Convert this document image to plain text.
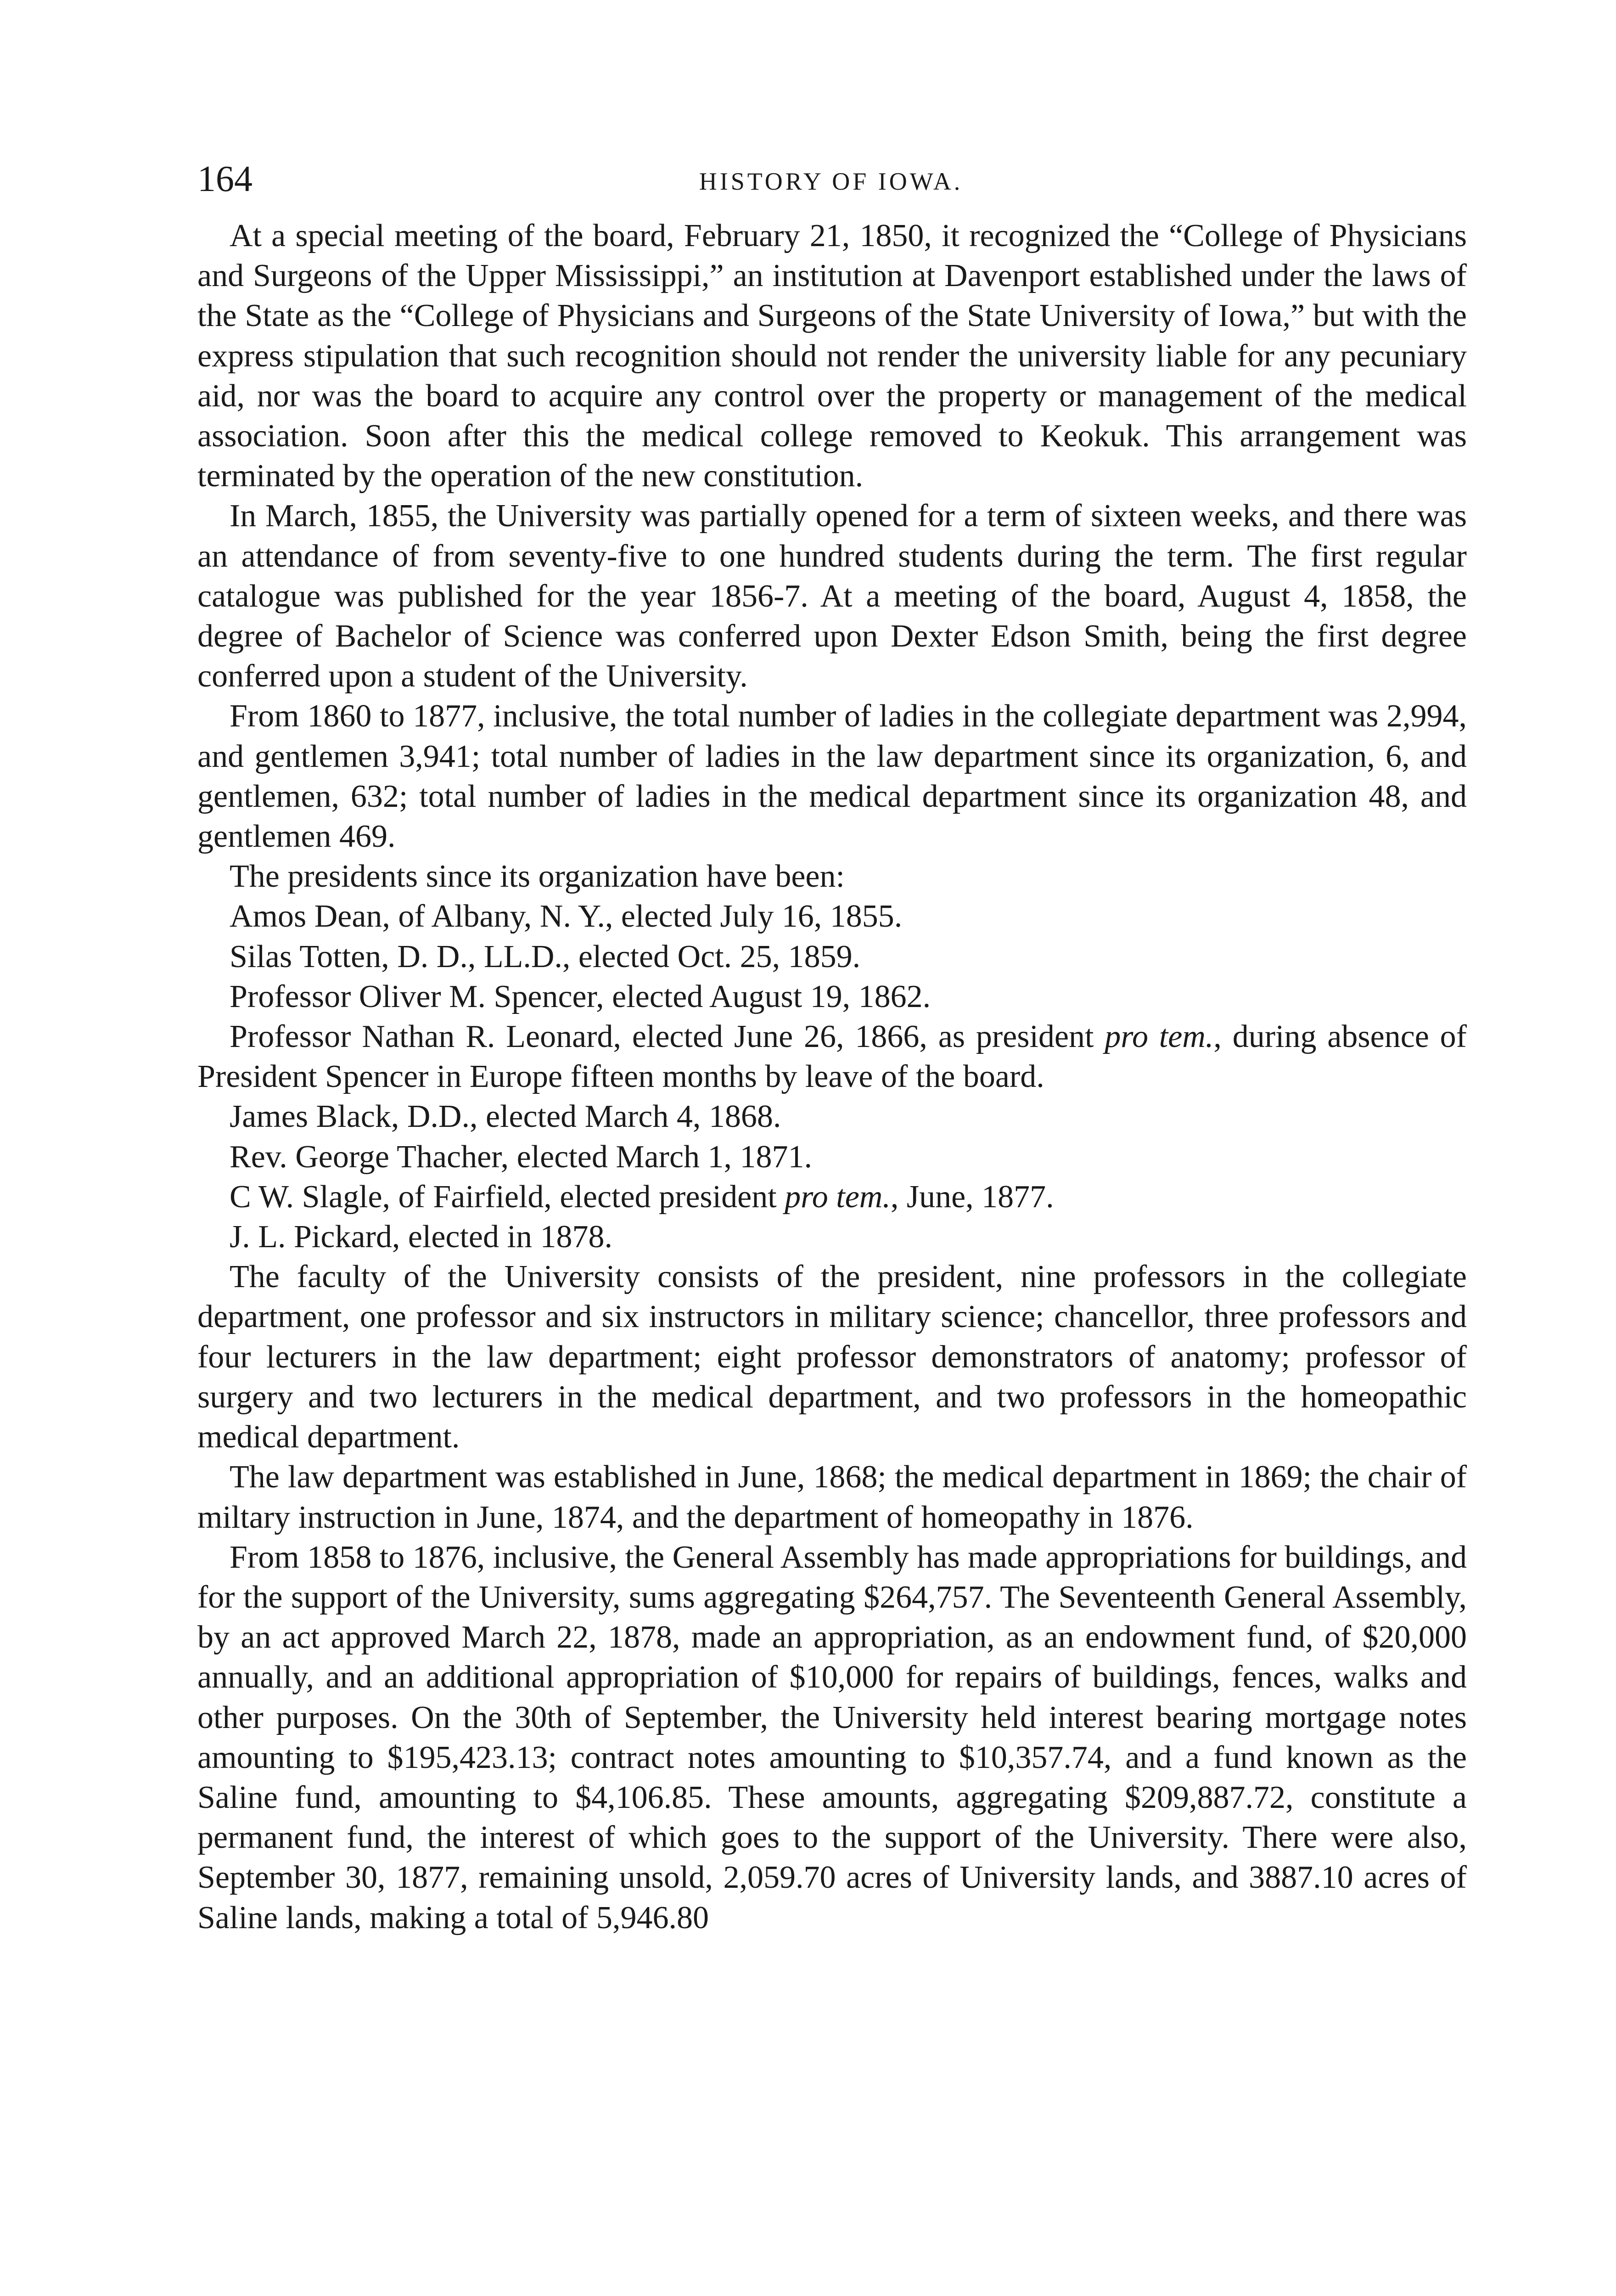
164	HISTORY OF IOWA.

At a special meeting of the board, February 21, 1850, it recognized the “College of Physicians and Surgeons of the Upper Mississippi,” an institution at Davenport established under the laws of the State as the “College of Physicians and Surgeons of the State University of Iowa,” but with the express stipulation that such recognition should not render the university liable for any pecuniary aid, nor was the board to acquire any control over the property or management of the medical association. Soon after this the medical college removed to Keokuk. This arrangement was terminated by the operation of the new constitution.

In March, 1855, the University was partially opened for a term of sixteen weeks, and there was an attendance of from seventy-five to one hundred students during the term. The first regular catalogue was published for the year 1856-7. At a meeting of the board, August 4, 1858, the degree of Bachelor of Science was conferred upon Dexter Edson Smith, being the first degree conferred upon a student of the University.

From 1860 to 1877, inclusive, the total number of ladies in the collegiate department was 2,994, and gentlemen 3,941; total number of ladies in the law department since its organization, 6, and gentlemen, 632; total number of ladies in the medical department since its organization 48, and gentlemen 469.

The presidents since its organization have been:

Amos Dean, of Albany, N. Y., elected July 16, 1855.
Silas Totten, D. D., LL.D., elected Oct. 25, 1859.
Professor Oliver M. Spencer, elected August 19, 1862.
Professor Nathan R. Leonard, elected June 26, 1866, as president pro tem., during absence of President Spencer in Europe fifteen months by leave of the board.
James Black, D.D., elected March 4, 1868.
Rev. George Thacher, elected March 1, 1871.
C W. Slagle, of Fairfield, elected president pro tem., June, 1877.
J. L. Pickard, elected in 1878.

The faculty of the University consists of the president, nine professors in the collegiate department, one professor and six instructors in military science; chancellor, three professors and four lecturers in the law department; eight professor demonstrators of anatomy; professor of surgery and two lecturers in the medical department, and two professors in the homeopathic medical department.

The law department was established in June, 1868; the medical department in 1869; the chair of miltary instruction in June, 1874, and the department of homeopathy in 1876.

From 1858 to 1876, inclusive, the General Assembly has made appropriations for buildings, and for the support of the University, sums aggregating $264,757. The Seventeenth General Assembly, by an act approved March 22, 1878, made an appropriation, as an endowment fund, of $20,000 annually, and an additional appropriation of $10,000 for repairs of buildings, fences, walks and other purposes. On the 30th of September, the University held interest bearing mortgage notes amounting to $195,423.13; contract notes amounting to $10,357.74, and a fund known as the Saline fund, amounting to $4,106.85. These amounts, aggregating $209,887.72, constitute a permanent fund, the interest of which goes to the support of the University. There were also, September 30, 1877, remaining unsold, 2,059.70 acres of University lands, and 3887.10 acres of Saline lands, making a total of 5,946.80
